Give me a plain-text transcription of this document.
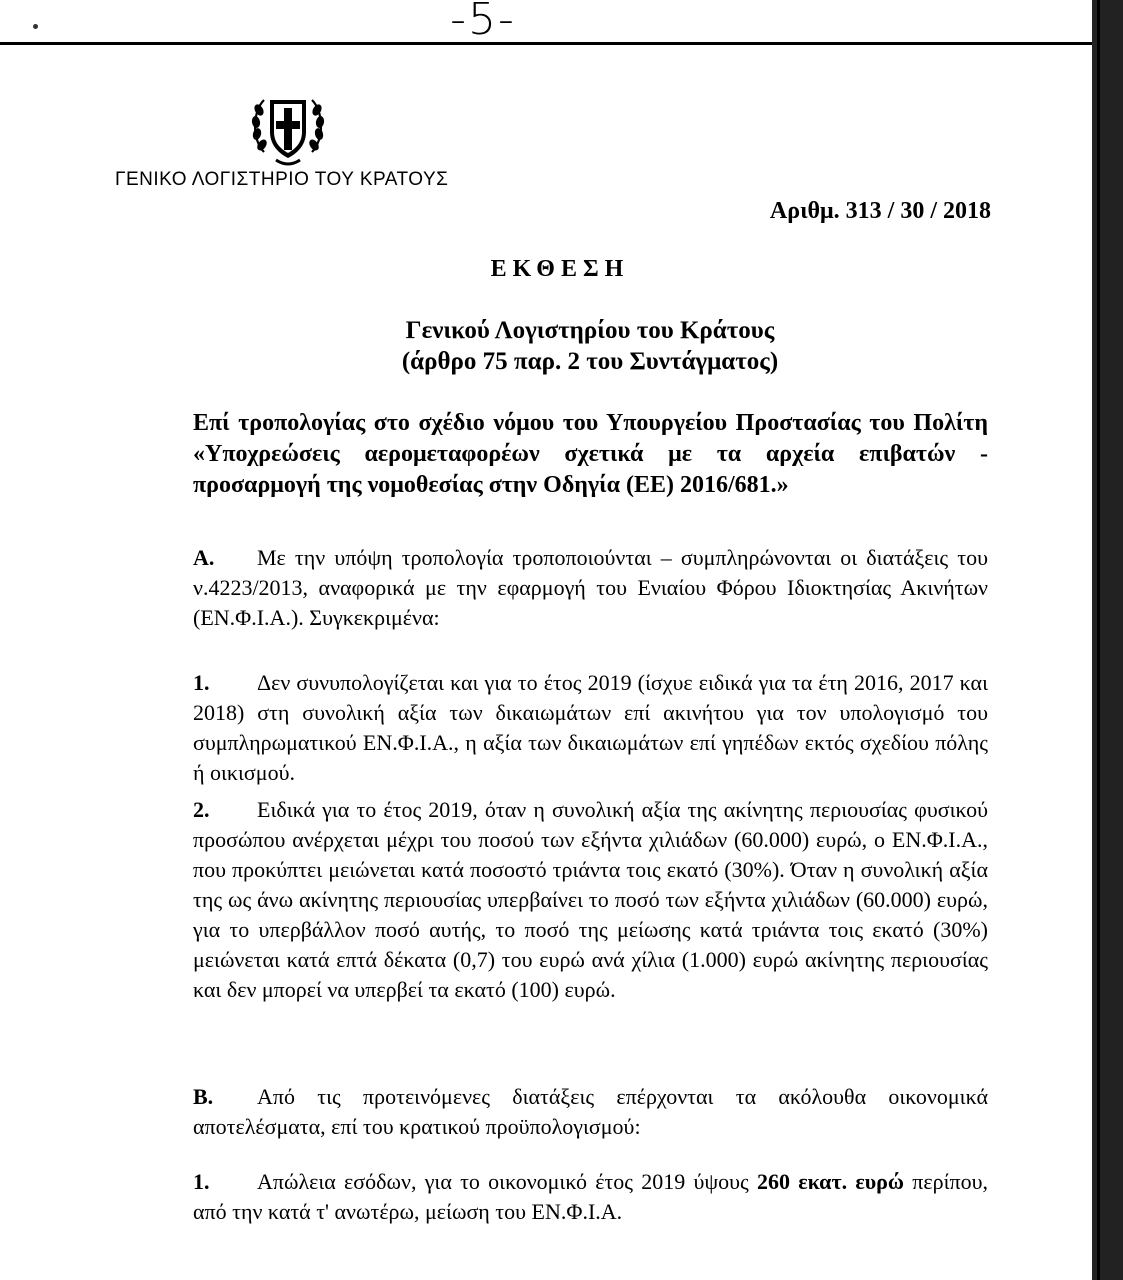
-5-
ΓΕΝΙΚΟ ΛΟΓΙΣΤΗΡΙΟ ΤΟΥ ΚΡΑΤΟΥΣ
Αριθμ. 313 / 30 / 2018
ΕΚΘΕΣΗ
Γενικού Λογιστηρίου του Κράτους
(άρθρο 75 παρ. 2 του Συντάγματος)
Επί τροπολογίας στο σχέδιο νόμου του Υπουργείου Προστασίας του Πολίτη «Υποχρεώσεις αερομεταφορέων σχετικά με τα αρχεία επιβατών - προσαρμογή της νομοθεσίας στην Οδηγία (ΕΕ) 2016/681.»
Α. Με την υπόψη τροπολογία τροποποιούνται – συμπληρώνονται οι διατάξεις του ν.4223/2013, αναφορικά με την εφαρμογή του Ενιαίου Φόρου Ιδιοκτησίας Ακινήτων (ΕΝ.Φ.Ι.Α.). Συγκεκριμένα:
1. Δεν συνυπολογίζεται και για το έτος 2019 (ίσχυε ειδικά για τα έτη 2016, 2017 και 2018) στη συνολική αξία των δικαιωμάτων επί ακινήτου για τον υπολογισμό του συμπληρωματικού ΕΝ.Φ.Ι.Α., η αξία των δικαιωμάτων επί γηπέδων εκτός σχεδίου πόλης ή οικισμού.
2. Ειδικά για το έτος 2019, όταν η συνολική αξία της ακίνητης περιουσίας φυσικού προσώπου ανέρχεται μέχρι του ποσού των εξήντα χιλιάδων (60.000) ευρώ, ο ΕΝ.Φ.Ι.Α., που προκύπτει μειώνεται κατά ποσοστό τριάντα τοις εκατό (30%). Όταν η συνολική αξία της ως άνω ακίνητης περιουσίας υπερβαίνει το ποσό των εξήντα χιλιάδων (60.000) ευρώ, για το υπερβάλλον ποσό αυτής, το ποσό της μείωσης κατά τριάντα τοις εκατό (30%) μειώνεται κατά επτά δέκατα (0,7) του ευρώ ανά χίλια (1.000) ευρώ ακίνητης περιουσίας και δεν μπορεί να υπερβεί τα εκατό (100) ευρώ.
Β. Από τις προτεινόμενες διατάξεις επέρχονται τα ακόλουθα οικονομικά αποτελέσματα, επί του κρατικού προϋπολογισμού:
1. Απώλεια εσόδων, για το οικονομικό έτος 2019 ύψους 260 εκατ. ευρώ περίπου, από την κατά τ' ανωτέρω, μείωση του ΕΝ.Φ.Ι.Α.
